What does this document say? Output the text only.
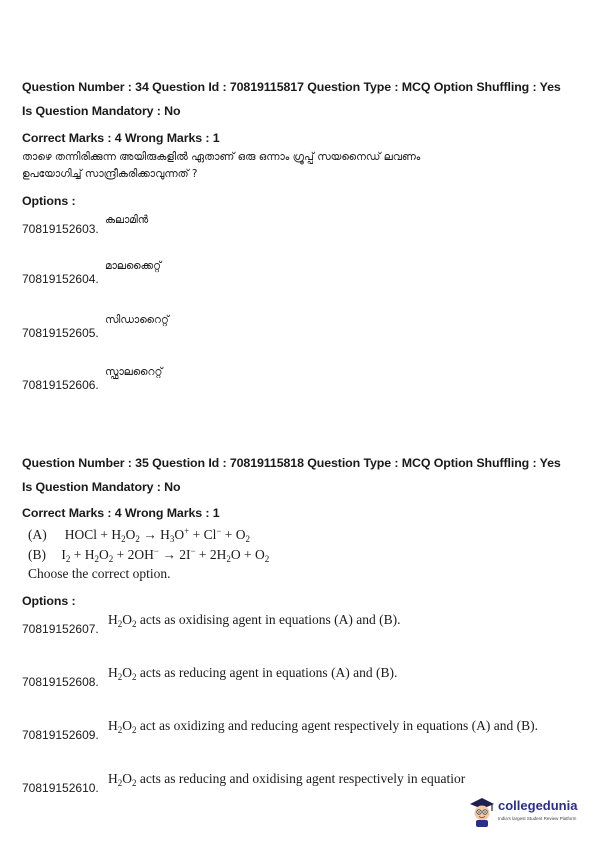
Question Number : 34 Question Id : 70819115817 Question Type : MCQ Option Shuffling : Yes
Is Question Mandatory : No
Correct Marks : 4 Wrong Marks : 1
താഴെ തന്നിരിക്കുന്ന അയിരുകളിൽ ഏതാണ് ഒരു ഒന്നാം ഗ്രൂപ്പ് സയനൈഡ് ലവണം
ഉപയോഗിച്ച് സാന്ദ്രീകരിക്കാവുന്നത് ?
Options :
70819152603.
കലാമിൻ
70819152604.
മാലക്കൈറ്റ്
70819152605.
സിഡാറൈറ്റ്
70819152606.
സ്ഫാലറൈറ്റ്
Question Number : 35 Question Id : 70819115818 Question Type : MCQ Option Shuffling : Yes
Is Question Mandatory : No
Correct Marks : 4 Wrong Marks : 1
(A)  HOCl + $H_2O_2 \to H_3O^+ + Cl^- + O_2$
(B) $I_2 + H_2O_2 + 2OH^- \to 2I^- + 2H_2O + O_2$
Choose the correct option.
Options :
70819152607.
$H_2O_2$ acts as oxidising agent in equations (A) and (B).
70819152608.
$H_2O_2$ acts as reducing agent in equations (A) and (B).
70819152609.
$H_2O_2$ act as oxidizing and reducing agent respectively in equations (A) and (B).
70819152610.
$H_2O_2$ acts as reducing and oxidising agent respectively in equatior
collegedunia
India's largest Student Review Platform
